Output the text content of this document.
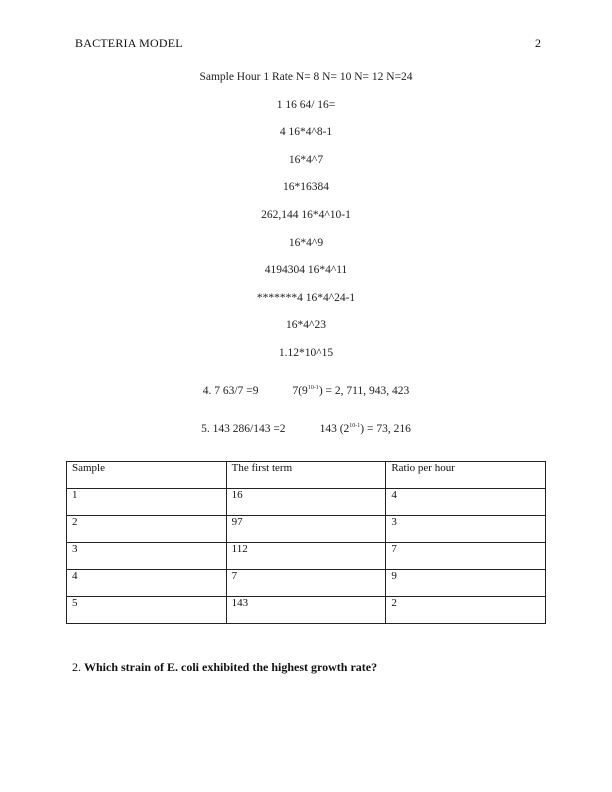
BACTERIA MODEL	2
Sample Hour 1 Rate N= 8 N= 10 N= 12 N=24
1 16 64/ 16=
4 16*4^8-1
16*4^7
16*16384
262,144 16*4^10-1
16*4^9
4194304 16*4^11
*******4 16*4^24-1
16*4^23
1.12*10^15
4. 7 63/7 =9	$7(9^{10-1}) = 2$, 711, 943, 423
5. 143 286/143 =2	143 $(2^{10-1}) = 73$, 216
Sample	The first term	Ratio per hour
1	16	4
2	97	3
3	112	7
4	7	9
5	143	2
2. Which strain of E. coli exhibited the highest growth rate?
